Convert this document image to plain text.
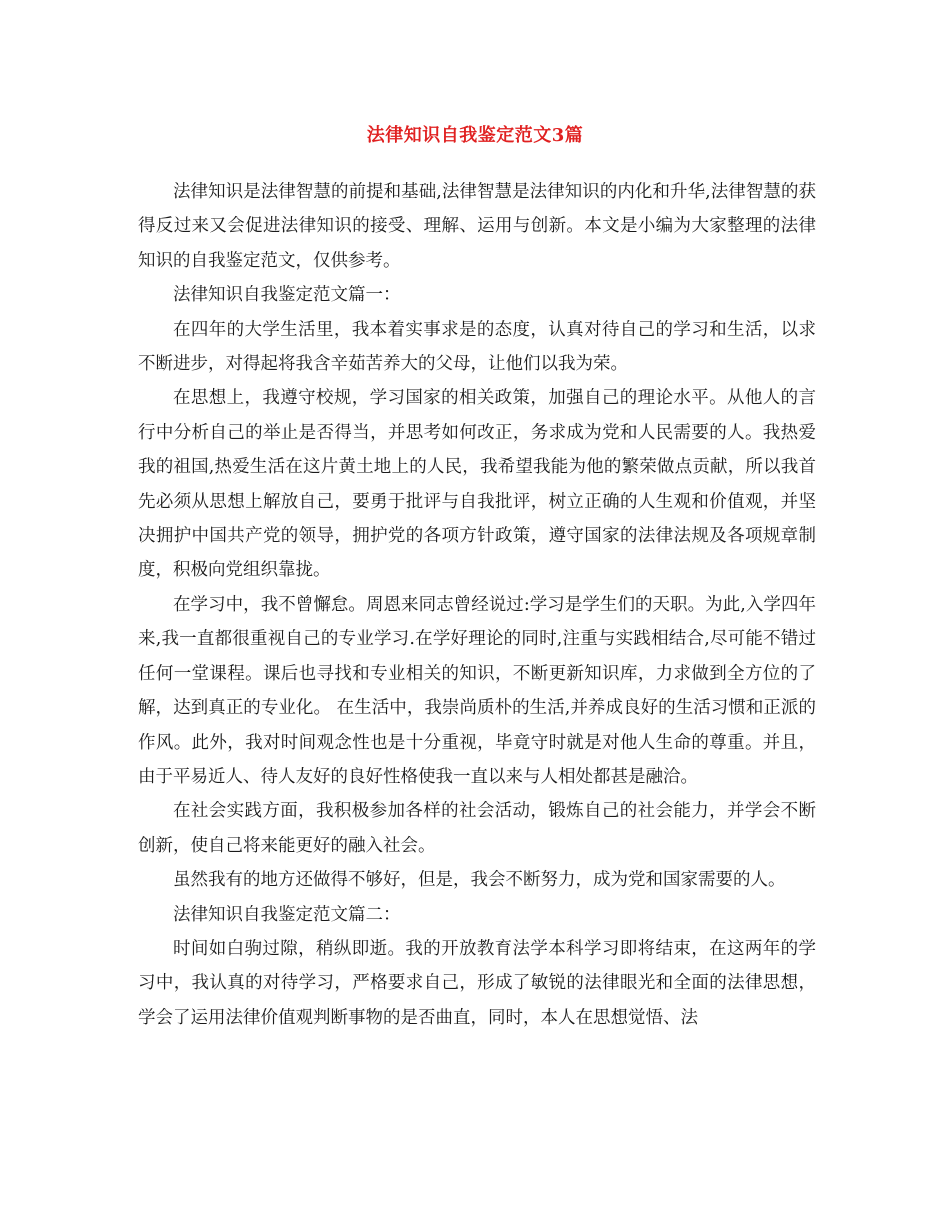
法律知识自我鉴定范文3篇

法律知识是法律智慧的前提和基础,法律智慧是法律知识的内化和升华,法律智慧的获得反过来又会促进法律知识的接受、理解、运用与创新。本文是小编为大家整理的法律知识的自我鉴定范文，仅供参考。

法律知识自我鉴定范文篇一：

在四年的大学生活里，我本着实事求是的态度，认真对待自己的学习和生活，以求不断进步，对得起将我含辛茹苦养大的父母，让他们以我为荣。

在思想上，我遵守校规，学习国家的相关政策，加强自己的理论水平。从他人的言行中分析自己的举止是否得当，并思考如何改正，务求成为党和人民需要的人。我热爱我的祖国,热爱生活在这片黄土地上的人民，我希望我能为他的繁荣做点贡献，所以我首先必须从思想上解放自己，要勇于批评与自我批评，树立正确的人生观和价值观，并坚决拥护中国共产党的领导，拥护党的各项方针政策，遵守国家的法律法规及各项规章制度，积极向党组织靠拢。

在学习中，我不曾懈怠。周恩来同志曾经说过:学习是学生们的天职。为此,入学四年来,我一直都很重视自己的专业学习.在学好理论的同时,注重与实践相结合,尽可能不错过任何一堂课程。课后也寻找和专业相关的知识，不断更新知识库，力求做到全方位的了解，达到真正的专业化。 在生活中，我崇尚质朴的生活,并养成良好的生活习惯和正派的作风。此外，我对时间观念性也是十分重视，毕竟守时就是对他人生命的尊重。并且，由于平易近人、待人友好的良好性格使我一直以来与人相处都甚是融洽。

在社会实践方面，我积极参加各样的社会活动，锻炼自己的社会能力，并学会不断创新，使自己将来能更好的融入社会。

虽然我有的地方还做得不够好，但是，我会不断努力，成为党和国家需要的人。

法律知识自我鉴定范文篇二：

时间如白驹过隙，稍纵即逝。我的开放教育法学本科学习即将结束，在这两年的学习中，我认真的对待学习，严格要求自己，形成了敏锐的法律眼光和全面的法律思想，学会了运用法律价值观判断事物的是否曲直，同时，本人在思想觉悟、法
